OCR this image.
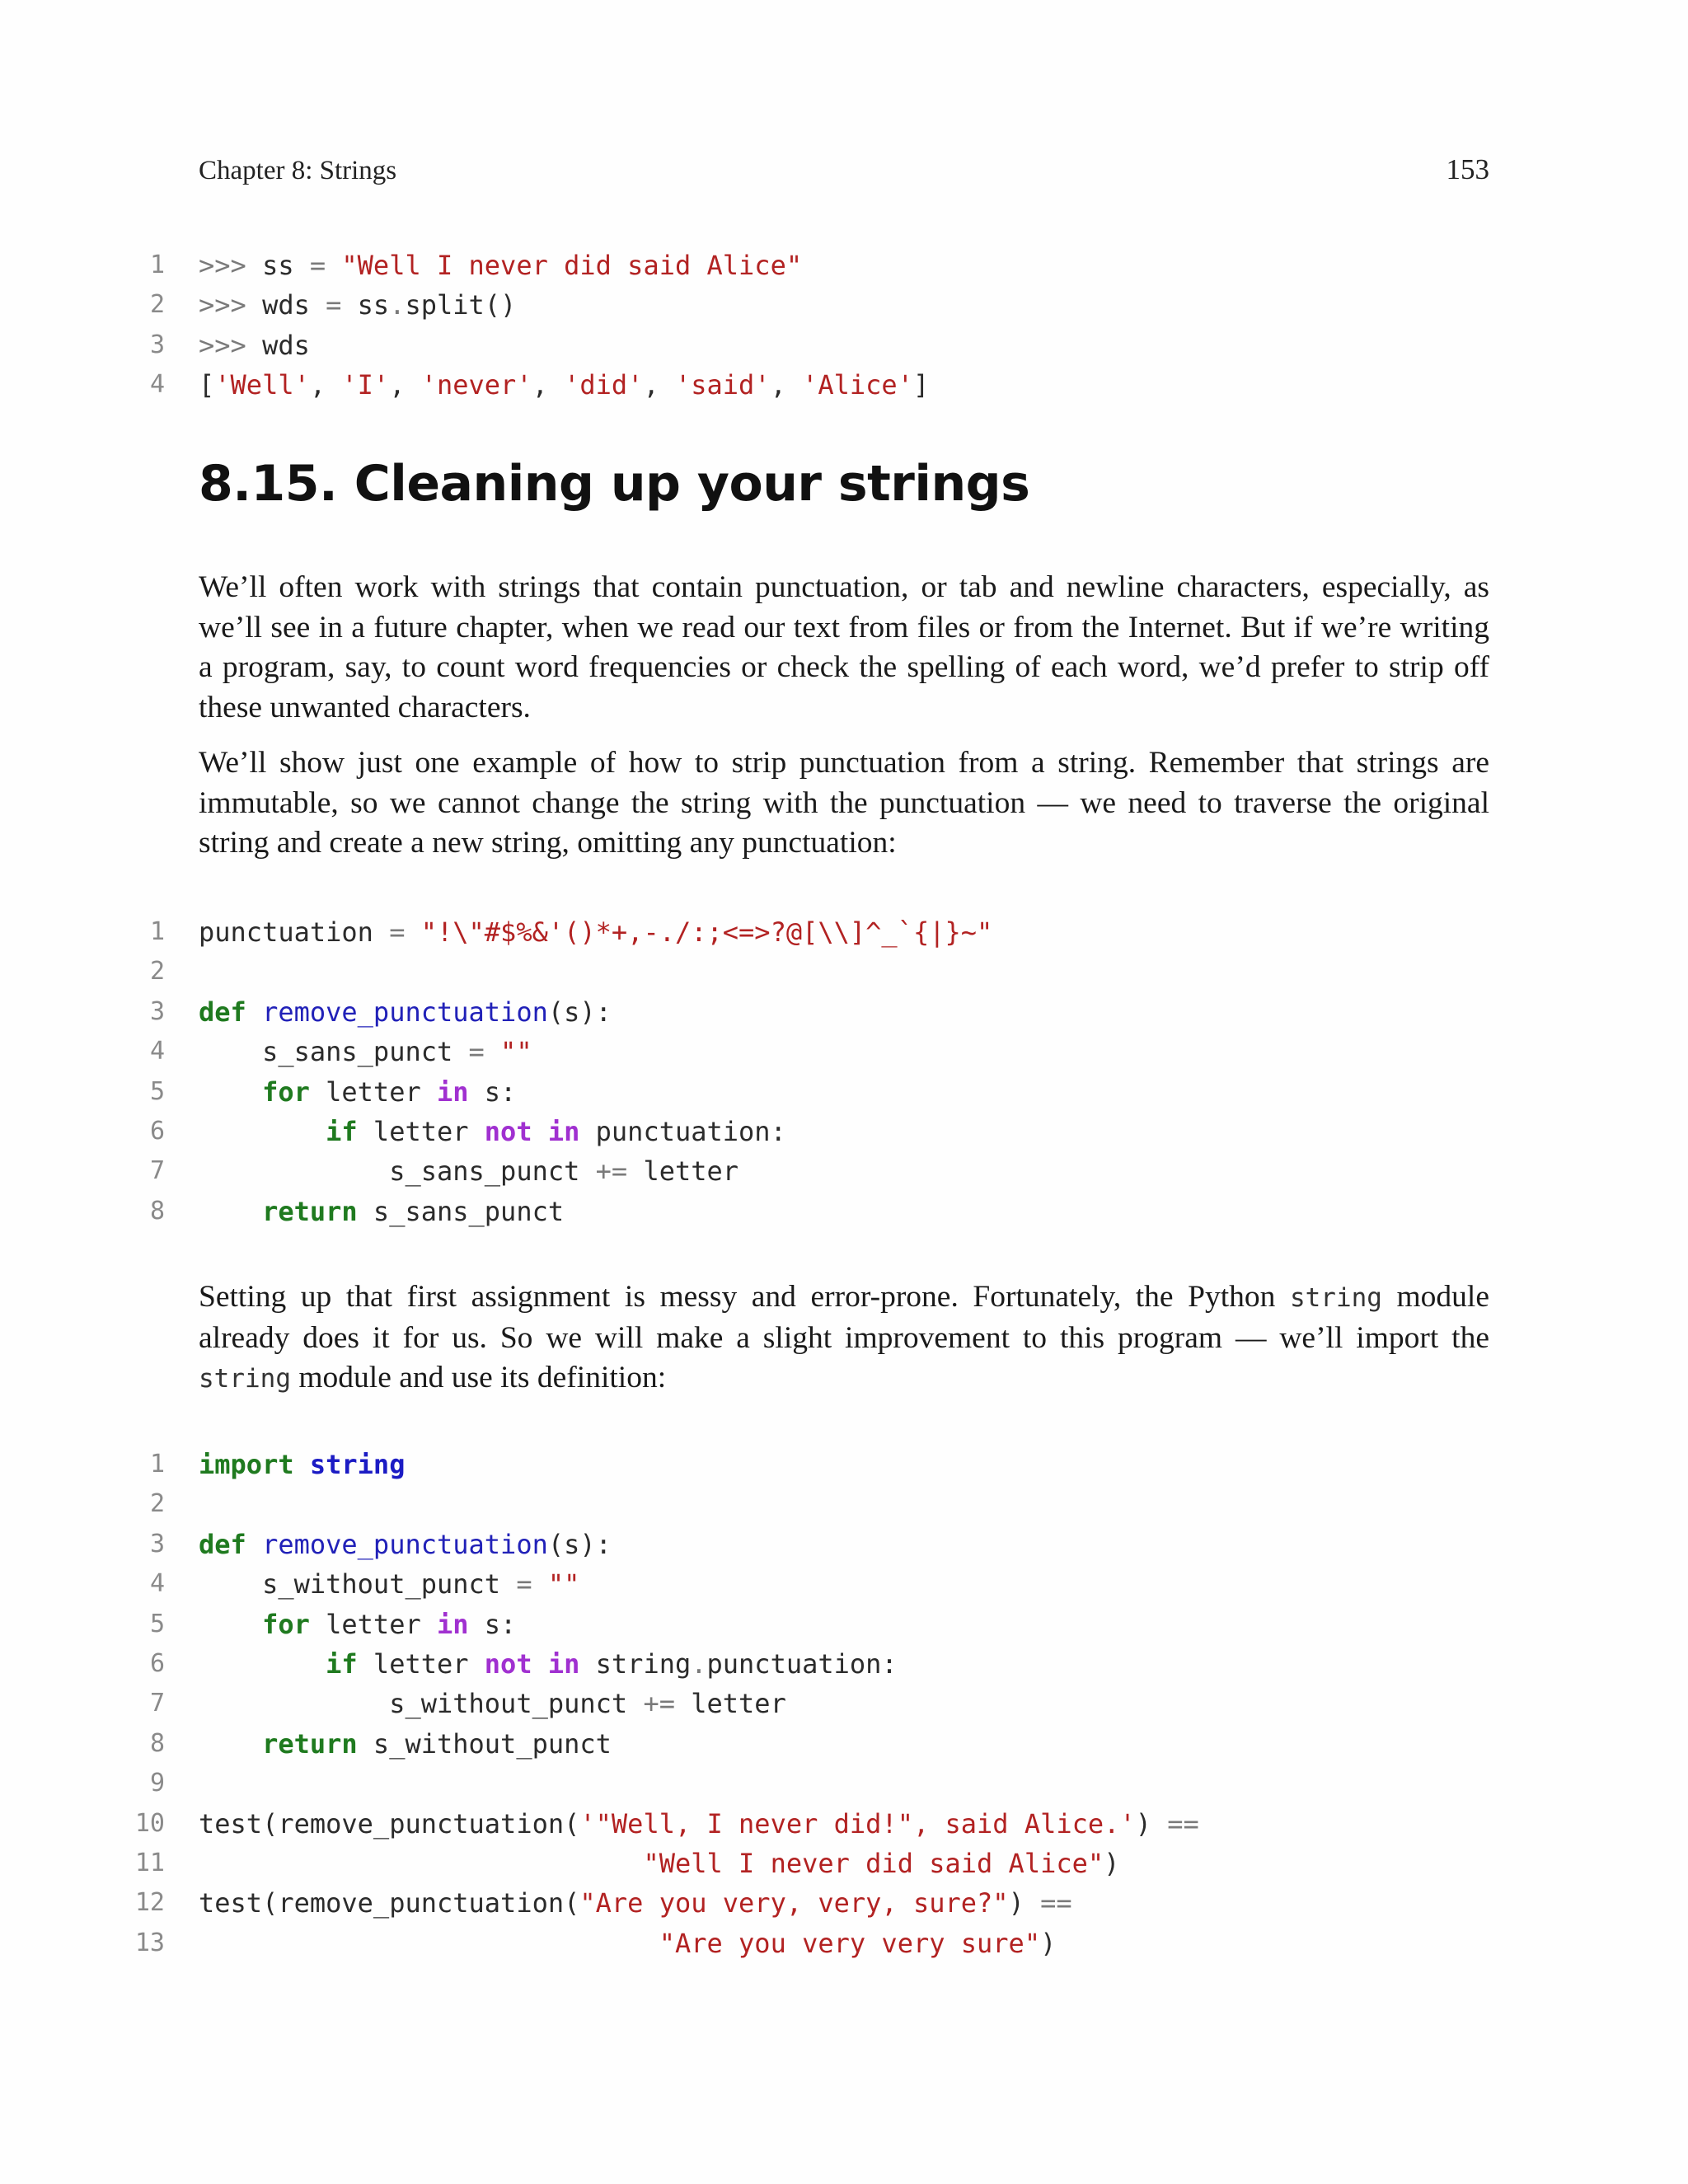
Chapter 8: Strings	153
1 >>> ss = "Well I never did said Alice"
2 >>> wds = ss.split()
3 >>> wds
4 ['Well', 'I', 'never', 'did', 'said', 'Alice']
8.15. Cleaning up your strings

We’ll often work with strings that contain punctuation, or tab and newline characters, especially, as we’ll see in a future chapter, when we read our text from files or from the Internet. But if we’re writing a program, say, to count word frequencies or check the spelling of each word, we’d prefer to strip off these unwanted characters.

We’ll show just one example of how to strip punctuation from a string. Remember that strings are immutable, so we cannot change the string with the punctuation — we need to traverse the original string and create a new string, omitting any punctuation:

1 punctuation = "!\"#$%&'()*+,-./:;<=>?@[\\]^_`{|}~"
2
3 def remove_punctuation(s):
4 s_sans_punct = ""
5	for letter in s:
6	if letter not in punctuation:
7 s_sans_punct += letter
8	return s_sans_punct

Setting up that first assignment is messy and error-prone. Fortunately, the Python string module already does it for us. So we will make a slight improvement to this program — we’ll import the string module and use its definition:

1 import string
2
3 def remove_punctuation(s):
4 s_without_punct = ""
5	for letter in s:
6	if letter not in string.punctuation:
7 s_without_punct += letter
8	return s_without_punct
9
10 test(remove_punctuation('"Well, I never did!", said Alice.') ==
11	"Well I never did said Alice")
12 test(remove_punctuation("Are you very, very, sure?") ==
13	"Are you very very sure")
